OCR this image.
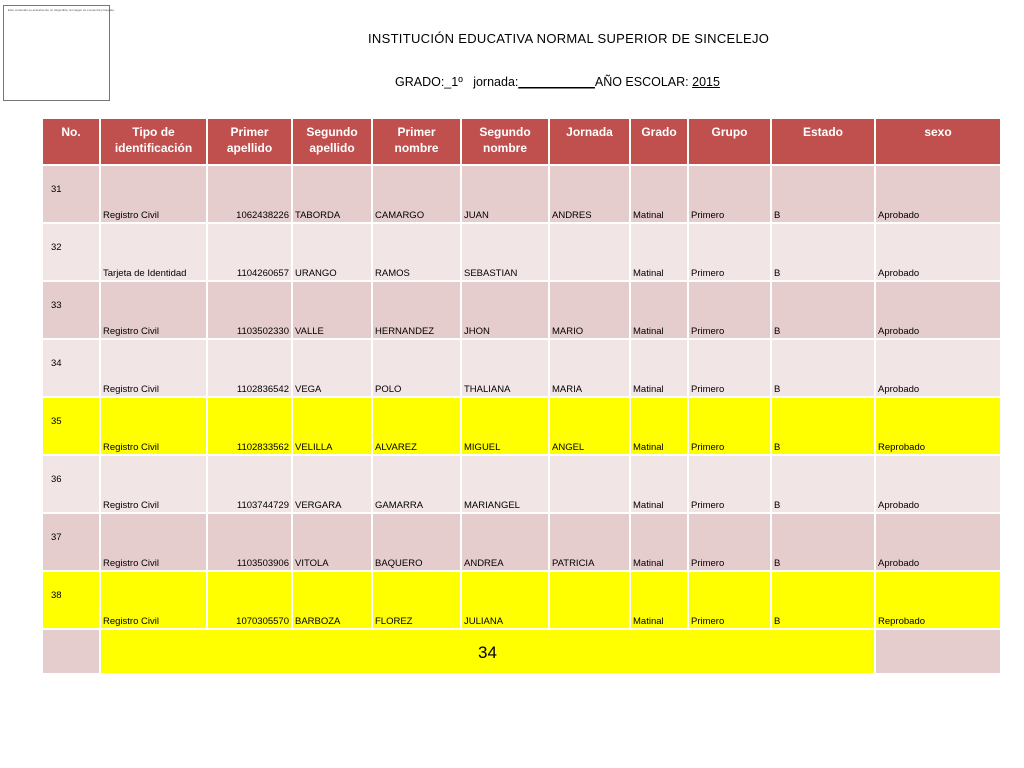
Este contenido es actualmente no disponible, la imagen se encuentra protegida
INSTITUCIÓN EDUCATIVA NORMAL SUPERIOR DE SINCELEJO
GRADO:_1º jornada:___________AÑO ESCOLAR: 2015
No.	Tipo de identificación	Primer apellido	Segundo apellido	Primer nombre	Segundo nombre	Jornada	Grado	Grupo	Estado	sexo
31	Registro Civil	1062438226	TABORDA	CAMARGO	JUAN	ANDRES	Matinal	Primero	B	Aprobado
32	Tarjeta de Identidad	1104260657	URANGO	RAMOS	SEBASTIAN		Matinal	Primero	B	Aprobado
33	Registro Civil	1103502330	VALLE	HERNANDEZ	JHON	MARIO	Matinal	Primero	B	Aprobado
34	Registro Civil	1102836542	VEGA	POLO	THALIANA	MARIA	Matinal	Primero	B	Aprobado
35	Registro Civil	1102833562	VELILLA	ALVAREZ	MIGUEL	ANGEL	Matinal	Primero	B	Reprobado
36	Registro Civil	1103744729	VERGARA	GAMARRA	MARIANGEL		Matinal	Primero	B	Aprobado
37	Registro Civil	1103503906	VITOLA	BAQUERO	ANDREA	PATRICIA	Matinal	Primero	B	Aprobado
38	Registro Civil	1070305570	BARBOZA	FLOREZ	JULIANA		Matinal	Primero	B	Reprobado
	34									
